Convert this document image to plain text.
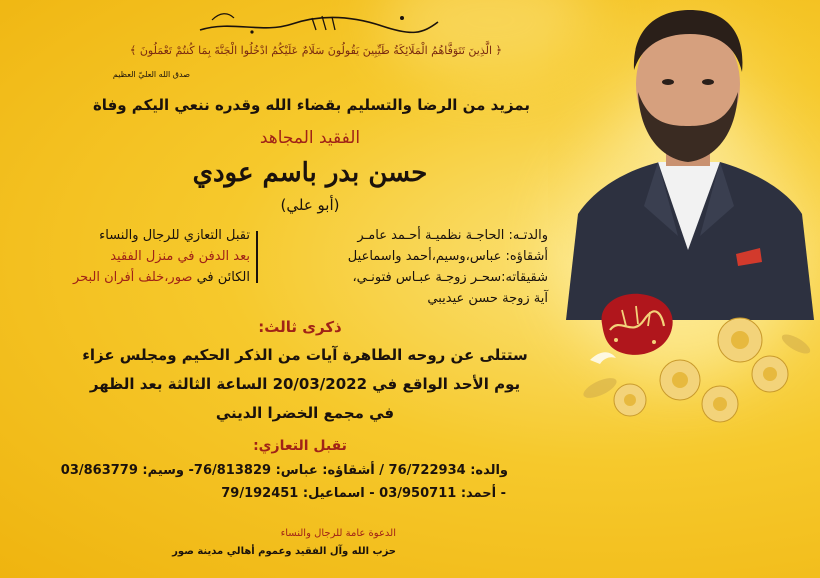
﴿ الَّذِينَ تَتَوَفَّاهُمُ الْمَلَائِكَةُ طَيِّبِينَ يَقُولُونَ سَلَامٌ عَلَيْكُمُ ادْخُلُوا الْجَنَّةَ بِمَا كُنتُمْ تَعْمَلُونَ ﴾
صدق الله العليّ العظيم
بمزيد من الرضا والتسليم بقضاء الله وقدره ننعي اليكم وفاة
الفقيد المجاهد
حسن بدر باسم عودي
(أبو علي)
والدتـه: الحاجـة نظميـة أحـمد عامـر
أشقاؤه: عباس،وسيم،أحمد واسماعيل
شقيقاته:سحـر زوجـة عبـاس فتونـي،
آية زوجة حسن عيديبي
تقبل التعازي للرجال والنساء
بعد الدفن في منزل الفقيد
الكائن في صور،خلف أفران البحر
ذكرى ثالث:
ستتلى عن روحه الطاهرة آيات من الذكر الحكيم ومجلس عزاء
يوم الأحد الواقع في 20/03/2022 الساعة الثالثة بعد الظهر
في مجمع الخضرا الديني
تقبل التعازي:
والده: 76/722934 / أشقاؤه: عباس: 76/813829- وسيم: 03/863779
- أحمد: 03/950711 - اسماعيل: 79/192451
الدعوة عامة للرجال والنساء
حزب الله وآل الفقيد وعموم أهالي مدينة صور
